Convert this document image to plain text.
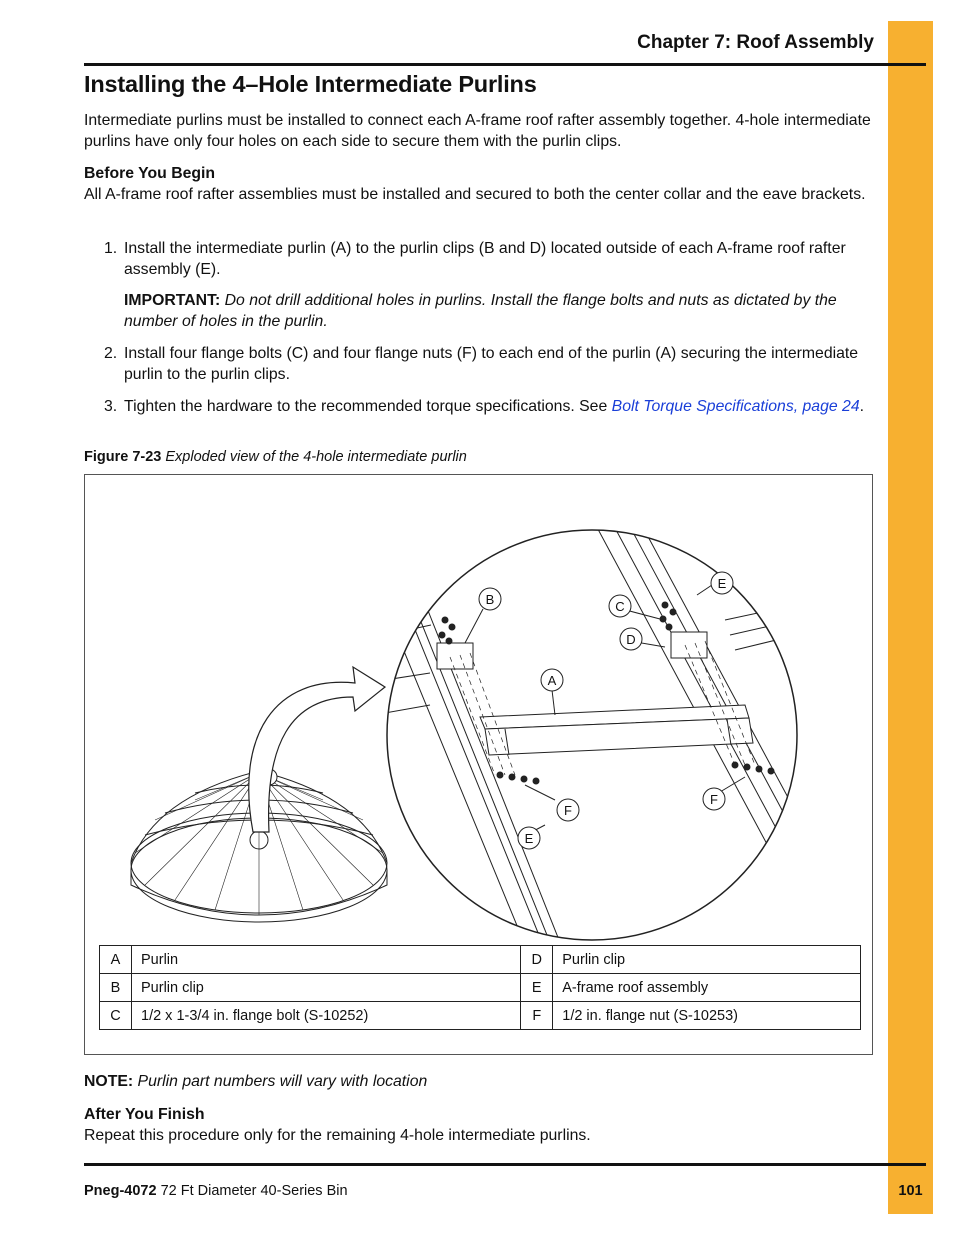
Chapter 7: Roof Assembly
Installing the 4–Hole Intermediate Purlins
Intermediate purlins must be installed to connect each A-frame roof rafter assembly together. 4-hole intermediate purlins have only four holes on each side to secure them with the purlin clips.
Before You Begin
All A-frame roof rafter assemblies must be installed and secured to both the center collar and the eave brackets.
1. Install the intermediate purlin (A) to the purlin clips (B and D) located outside of each A-frame roof rafter assembly (E).
IMPORTANT: Do not drill additional holes in purlins. Install the flange bolts and nuts as dictated by the number of holes in the purlin.
2. Install four flange bolts (C) and four flange nuts (F) to each end of the purlin (A) securing the intermediate purlin to the purlin clips.
3. Tighten the hardware to the recommended torque specifications. See Bolt Torque Specifications, page 24.
Figure 7-23 Exploded view of the 4-hole intermediate purlin
B	C
D
A
E
E
F
F
A	Purlin	D	Purlin clip
B	Purlin clip	E	A-frame roof assembly
C	1/2 x 1-3/4 in. flange bolt (S-10252)	F	1/2 in. flange nut (S-10253)
NOTE: Purlin part numbers will vary with location
After You Finish
Repeat this procedure only for the remaining 4-hole intermediate purlins.
Pneg-4072 72 Ft Diameter 40-Series Bin	101
